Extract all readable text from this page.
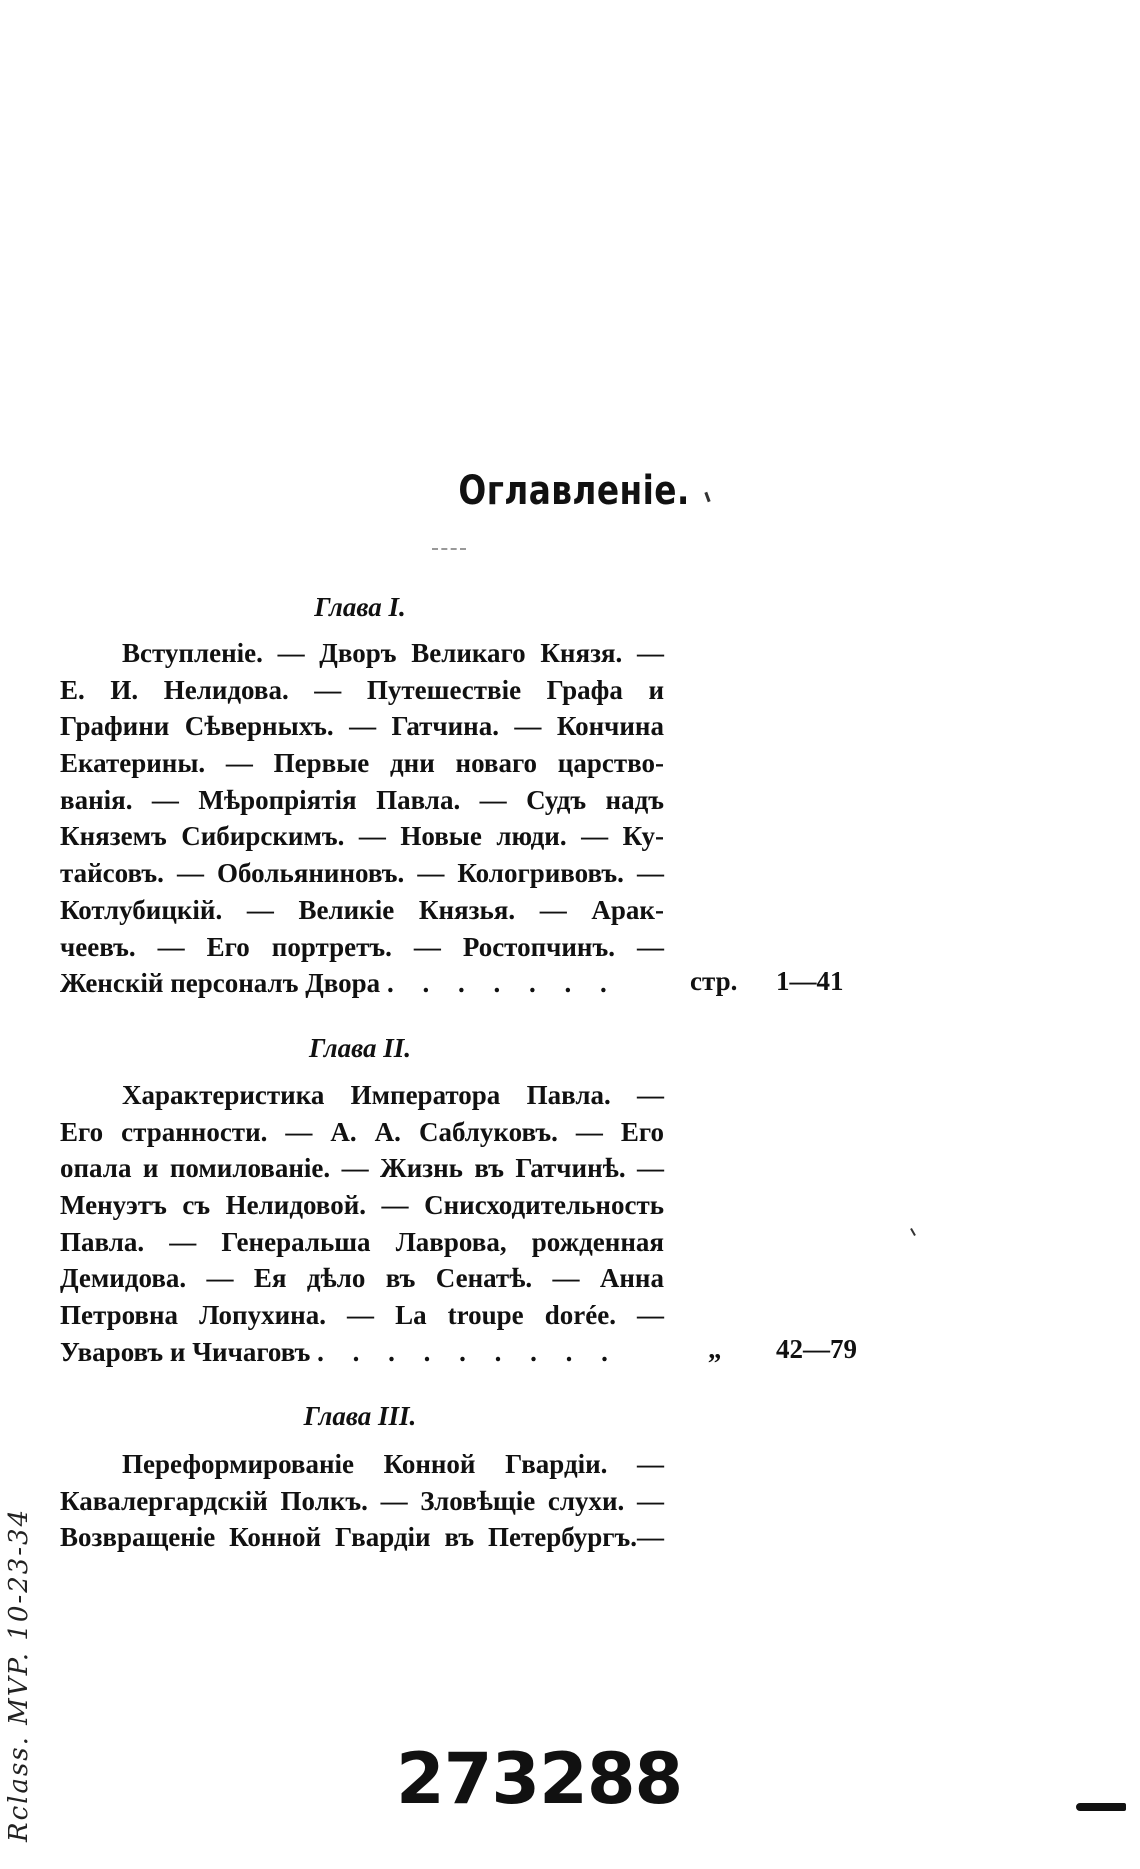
Оглавленіе.
Глава I.
Вступленіе. — Дворъ Великаго Князя. —
Е. И. Нелидова. — Путешествіе Графа и
Графини Сѣверныхъ. — Гатчина. — Кончина
Екатерины. — Первые дни новаго царство-
ванія. — Мѣропріятія Павла. — Судъ надъ
Княземъ Сибирскимъ. — Новые люди. — Ку-
тайсовъ. — Обольяниновъ. — Кологривовъ. —
Котлубицкій. — Великіе Князья. — Арак-
чеевъ. — Его портретъ. — Ростопчинъ. —
Женскій персоналъ Двора . . . . . . .	стр. 1—41
Глава II.
Характеристика Императора Павла. —
Его странности. — А. А. Саблуковъ. — Его
опала и помилованіе. — Жизнь въ Гатчинѣ. —
Менуэтъ съ Нелидовой. — Снисходительность
Павла. — Генеральша Лаврова, рожденная
Демидова. — Ея дѣло въ Сенатѣ. — Анна
Петровна Лопухина. — La troupe dorée. —
Уваровъ и Чичаговъ . . . . . . . . .	„ 42—79
Глава III.
Переформированіе Конной Гвардіи. —
Кавалергардскій Полкъ. — Зловѣщіе слухи. —
Возвращеніе Конной Гвардіи въ Петербургъ.—
273288
Rclass. MVP. 10-23-34
